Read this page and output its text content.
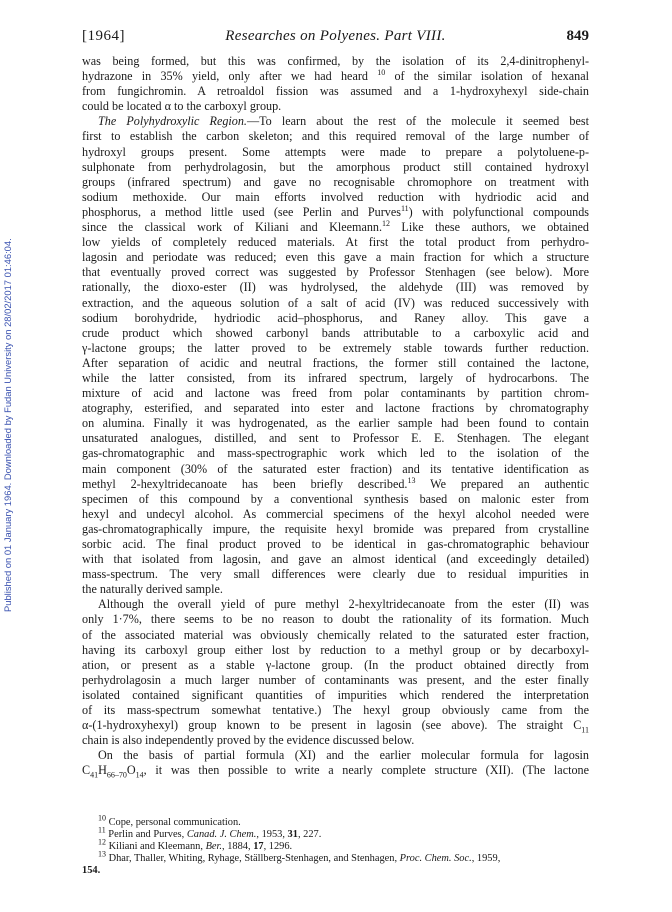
Published on 01 January 1964. Downloaded by Fudan University on 28/02/2017 01:46:04.
[1964]	Researches on Polyenes. Part VIII.	849
was being formed, but this was confirmed, by the isolation of its 2,4-dinitrophenyl-
hydrazone in 35% yield, only after we had heard $^{10}$ of the similar isolation of hexanal
from fungichromin. A retroaldol fission was assumed and a 1-hydroxyhexyl side-chain
could be located α to the carboxyl group.
The Polyhydroxylic Region.—To learn about the rest of the molecule it seemed best
first to establish the carbon skeleton; and this required removal of the large number of
hydroxyl groups present. Some attempts were made to prepare a polytoluene-p-
sulphonate from perhydrolagosin, but the amorphous product still contained hydroxyl
groups (infrared spectrum) and gave no recognisable chromophore on treatment with
sodium methoxide. Our main efforts involved reduction with hydriodic acid and
phosphorus, a method little used (see Perlin and Purves$^{11}$) with polyfunctional compounds
since the classical work of Kiliani and Kleemann.$^{12}$ Like these authors, we obtained
low yields of completely reduced materials. At first the total product from perhydro-
lagosin and periodate was reduced; even this gave a main fraction for which a structure
that eventually proved correct was suggested by Professor Stenhagen (see below). More
rationally, the dioxo-ester (II) was hydrolysed, the aldehyde (III) was removed by
extraction, and the aqueous solution of a salt of acid (IV) was reduced successively with
sodium borohydride, hydriodic acid–phosphorus, and Raney alloy. This gave a
crude product which showed carbonyl bands attributable to a carboxylic acid and
γ-lactone groups; the latter proved to be extremely stable towards further reduction.
After separation of acidic and neutral fractions, the former still contained the lactone,
while the latter consisted, from its infrared spectrum, largely of hydrocarbons. The
mixture of acid and lactone was freed from polar contaminants by partition chrom-
atography, esterified, and separated into ester and lactone fractions by chromatography
on alumina. Finally it was hydrogenated, as the earlier sample had been found to contain
unsaturated analogues, distilled, and sent to Professor E. E. Stenhagen. The elegant
gas-chromatographic and mass-spectrographic work which led to the isolation of the
main component (30% of the saturated ester fraction) and its tentative identification as
methyl 2-hexyltridecanoate has been briefly described.$^{13}$ We prepared an authentic
specimen of this compound by a conventional synthesis based on malonic ester from
hexyl and undecyl alcohol. As commercial specimens of the hexyl alcohol needed were
gas-chromatographically impure, the requisite hexyl bromide was prepared from crystalline
sorbic acid. The final product proved to be identical in gas-chromatographic behaviour
with that isolated from lagosin, and gave an almost identical (and exceedingly detailed)
mass-spectrum. The very small differences were clearly due to residual impurities in
the naturally derived sample.
Although the overall yield of pure methyl 2-hexyltridecanoate from the ester (II) was
only 1·7%, there seems to be no reason to doubt the rationality of its formation. Much
of the associated material was obviously chemically related to the saturated ester fraction,
having its carboxyl group either lost by reduction to a methyl group or by decarboxyl-
ation, or present as a stable γ-lactone group. (In the product obtained directly from
perhydrolagosin a much larger number of contaminants was present, and the ester finally
isolated contained significant quantities of impurities which rendered the interpretation
of its mass-spectrum somewhat tentative.) The hexyl group obviously came from the
α-(1-hydroxyhexyl) group known to be present in lagosin (see above). The straight $C_{11}$
chain is also independently proved by the evidence discussed below.
On the basis of partial formula (XI) and the earlier molecular formula for lagosin
$C_{41}H_{66-70}O_{14}$, it was then possible to write a nearly complete structure (XII). (The lactone
$^{10}$ Cope, personal communication.
$^{11}$ Perlin and Purves, Canad. J. Chem., 1953, 31, 227.
$^{12}$ Kiliani and Kleemann, Ber., 1884, 17, 1296.
$^{13}$ Dhar, Thaller, Whiting, Ryhage, Ställberg-Stenhagen, and Stenhagen, Proc. Chem. Soc., 1959,
154.
